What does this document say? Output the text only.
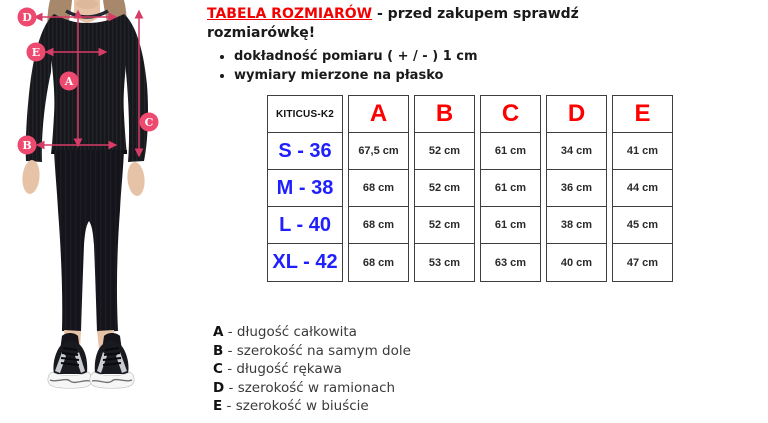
D
E
A
C
B
TABELA ROZMIARÓW - przed zakupem sprawdź rozmiarówkę!
• dokładność pomiaru ( + / - ) 1 cm
• wymiary mierzone na płasko
KITICUS-K2
S - 36
M - 38
L - 40
XL - 42
A
67,5 cm
68 cm
68 cm
68 cm
B
52 cm
52 cm
52 cm
53 cm
C
61 cm
61 cm
61 cm
63 cm
D
34 cm
36 cm
38 cm
40 cm
E
41 cm
44 cm
45 cm
47 cm
A - długość całkowita
B - szerokość na samym dole
C - długość rękawa
D - szerokość w ramionach
E - szerokość w biuście
